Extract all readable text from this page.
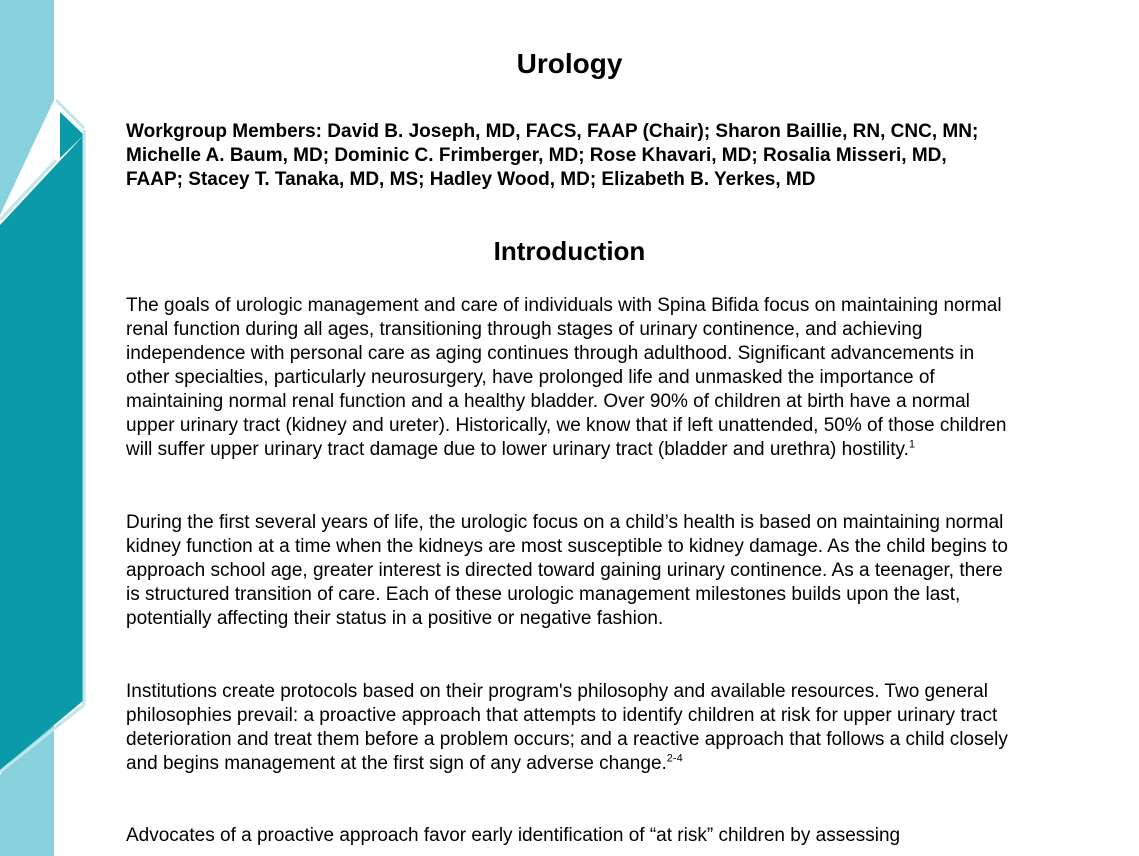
Urology
Workgroup Members: David B. Joseph, MD, FACS, FAAP (Chair); Sharon Baillie, RN, CNC, MN; Michelle A. Baum, MD; Dominic C. Frimberger, MD; Rose Khavari, MD; Rosalia Misseri, MD, FAAP; Stacey T. Tanaka, MD, MS; Hadley Wood, MD; Elizabeth B. Yerkes, MD
Introduction

The goals of urologic management and care of individuals with Spina Bifida focus on maintaining normal renal function during all ages, transitioning through stages of urinary continence, and achieving independence with personal care as aging continues through adulthood. Significant advancements in other specialties, particularly neurosurgery, have prolonged life and unmasked the importance of maintaining normal renal function and a healthy bladder. Over 90% of children at birth have a normal upper urinary tract (kidney and ureter). Historically, we know that if left unattended, 50% of those children will suffer upper urinary tract damage due to lower urinary tract (bladder and urethra) hostility.$^1$

During the first several years of life, the urologic focus on a child’s health is based on maintaining normal kidney function at a time when the kidneys are most susceptible to kidney damage. As the child begins to approach school age, greater interest is directed toward gaining urinary continence. As a teenager, there is structured transition of care. Each of these urologic management milestones builds upon the last, potentially affecting their status in a positive or negative fashion.

Institutions create protocols based on their program's philosophy and available resources. Two general philosophies prevail: a proactive approach that attempts to identify children at risk for upper urinary tract deterioration and treat them before a problem occurs; and a reactive approach that follows a child closely and begins management at the first sign of any adverse change.$^{2-4}$

Advocates of a proactive approach favor early identification of “at risk” children by assessing
